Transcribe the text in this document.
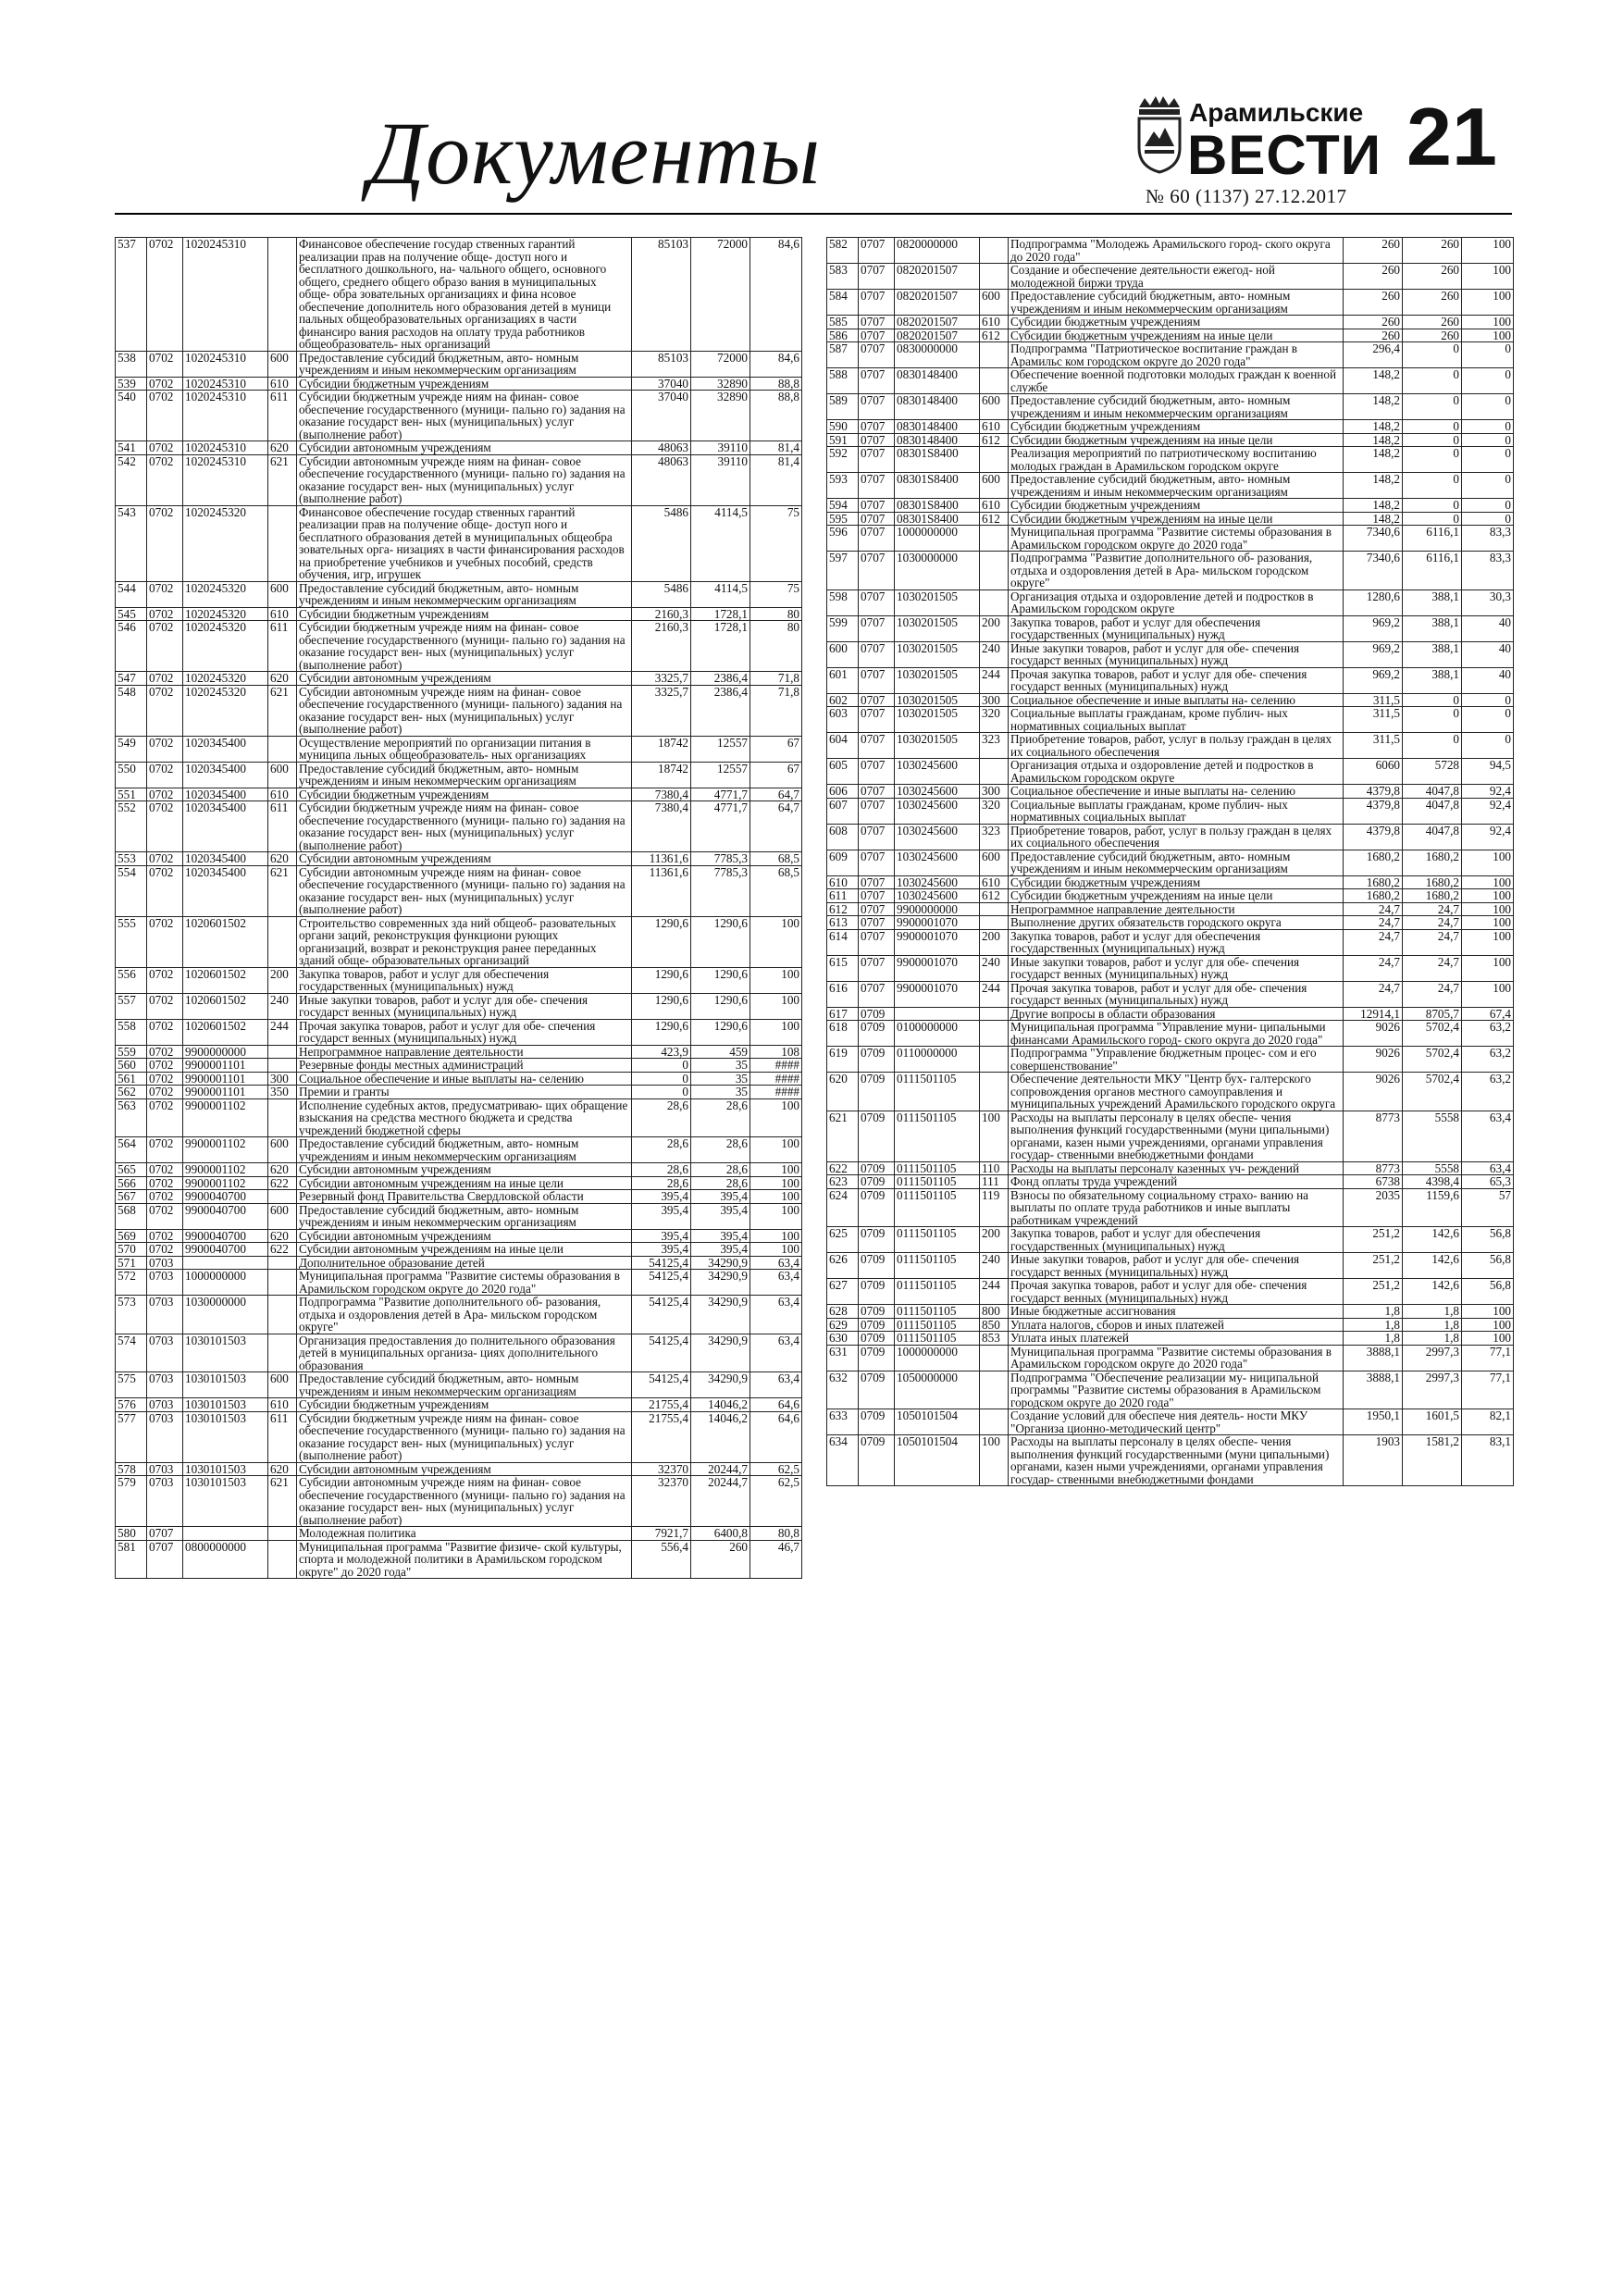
Документы	Арамильские
ВЕСТИ
№ 60 (1137) 27.12.2017
21
537	0702	1020245310		Финансовое обеспечение государ ственных гарантий реализации прав на получение обще- доступ ного и бесплатного дошкольного, на- чального общего, основного общего, среднего общего образо вания в муниципальных обще- обра зовательных организациях и фина нсовое обеспечение дополнитель ного образования детей в муници пальных общеобразовательных организациях в части финансиро вания расходов на оплату труда работников общеобразователь- ных организаций	85103	72000	84,6
538	0702	1020245310	600	Предоставление субсидий бюджетным, авто- номным учреждениям и иным некоммерческим организациям	85103	72000	84,6
539	0702	1020245310	610	Субсидии бюджетным учреждениям	37040	32890	88,8
540	0702	1020245310	611	Субсидии бюджетным учрежде ниям на финан- совое обеспечение государственного (муници- пально го) задания на оказание государст вен- ных (муниципальных) услуг (выполнение работ)	37040	32890	88,8
541	0702	1020245310	620	Субсидии автономным учреждениям	48063	39110	81,4
542	0702	1020245310	621	Субсидии автономным учрежде ниям на финан- совое обеспечение государственного (муници- пально го) задания на оказание государст вен- ных (муниципальных) услуг (выполнение работ)	48063	39110	81,4
543	0702	1020245320		Финансовое обеспечение государ ственных гарантий реализации прав на получение обще- доступ ного и бесплатного образования детей в муниципальных общеобра зовательных орга- низациях в части финансирования расходов на приобретение учебников и учебных пособий, средств обучения, игр, игрушек	5486	4114,5	75
544	0702	1020245320	600	Предоставление субсидий бюджетным, авто- номным учреждениям и иным некоммерческим организациям	5486	4114,5	75
545	0702	1020245320	610	Субсидии бюджетным учреждениям	2160,3	1728,1	80
546	0702	1020245320	611	Субсидии бюджетным учрежде ниям на финан- совое обеспечение государственного (муници- пально го) задания на оказание государст вен- ных (муниципальных) услуг (выполнение работ)	2160,3	1728,1	80
547	0702	1020245320	620	Субсидии автономным учреждениям	3325,7	2386,4	71,8
548	0702	1020245320	621	Субсидии автономным учрежде ниям на финан- совое обеспечение государственного (муници- пального) задания на оказание государст вен- ных (муниципальных) услуг (выполнение работ)	3325,7	2386,4	71,8
549	0702	1020345400		Осуществление мероприятий по организации питания в муниципа льных общеобразователь- ных организациях	18742	12557	67
550	0702	1020345400	600	Предоставление субсидий бюджетным, авто- номным учреждениям и иным некоммерческим организациям	18742	12557	67
551	0702	1020345400	610	Субсидии бюджетным учреждениям	7380,4	4771,7	64,7
552	0702	1020345400	611	Субсидии бюджетным учрежде ниям на финан- совое обеспечение государственного (муници- пально го) задания на оказание государст вен- ных (муниципальных) услуг (выполнение работ)	7380,4	4771,7	64,7
553	0702	1020345400	620	Субсидии автономным учреждениям	11361,6	7785,3	68,5
554	0702	1020345400	621	Субсидии автономным учрежде ниям на финан- совое обеспечение государственного (муници- пально го) задания на оказание государст вен- ных (муниципальных) услуг (выполнение работ)	11361,6	7785,3	68,5
555	0702	1020601502		Строительство современных зда ний общеоб- разовательных органи заций, реконструкция функциони рующих организаций, возврат и реконструкция ранее переданных зданий обще- образовательных организаций	1290,6	1290,6	100
556	0702	1020601502	200	Закупка товаров, работ и услуг для обеспечения государственных (муниципальных) нужд	1290,6	1290,6	100
557	0702	1020601502	240	Иные закупки товаров, работ и услуг для обе- спечения государст венных (муниципальных) нужд	1290,6	1290,6	100
558	0702	1020601502	244	Прочая закупка товаров, работ и услуг для обе- спечения государст венных (муниципальных) нужд	1290,6	1290,6	100
559	0702	9900000000		Непрограммное направление деятельности	423,9	459	108
560	0702	9900001101		Резервные фонды местных администраций	0	35	####
561	0702	9900001101	300	Социальное обеспечение и иные выплаты на- селению	0	35	####
562	0702	9900001101	350	Премии и гранты	0	35	####
563	0702	9900001102		Исполнение судебных актов, предусматриваю- щих обращение взыскания на средства местного бюджета и средства учреждений бюджетной сферы	28,6	28,6	100
564	0702	9900001102	600	Предоставление субсидий бюджетным, авто- номным учреждениям и иным некоммерческим организациям	28,6	28,6	100
565	0702	9900001102	620	Субсидии автономным учреждениям	28,6	28,6	100
566	0702	9900001102	622	Субсидии автономным учреждениям на иные цели	28,6	28,6	100
567	0702	9900040700		Резервный фонд Правительства Свердловской области	395,4	395,4	100
568	0702	9900040700	600	Предоставление субсидий бюджетным, авто- номным учреждениям и иным некоммерческим организациям	395,4	395,4	100
569	0702	9900040700	620	Субсидии автономным учреждениям	395,4	395,4	100
570	0702	9900040700	622	Субсидии автономным учреждениям на иные цели	395,4	395,4	100
571	0703			Дополнительное образование детей	54125,4	34290,9	63,4
572	0703	1000000000		Муниципальная программа "Развитие системы образования в Арамильском городском округе до 2020 года"	54125,4	34290,9	63,4
573	0703	1030000000		Подпрограмма "Развитие дополнительного об- разования, отдыха и оздоровления детей в Ара- мильском городском округе"	54125,4	34290,9	63,4
574	0703	1030101503		Организация предоставления до полнительного образования детей в муниципальных организа- циях дополнительного образования	54125,4	34290,9	63,4
575	0703	1030101503	600	Предоставление субсидий бюджетным, авто- номным учреждениям и иным некоммерческим организациям	54125,4	34290,9	63,4
576	0703	1030101503	610	Субсидии бюджетным учреждениям	21755,4	14046,2	64,6
577	0703	1030101503	611	Субсидии бюджетным учрежде ниям на финан- совое обеспечение государственного (муници- пально го) задания на оказание государст вен- ных (муниципальных) услуг (выполнение работ)	21755,4	14046,2	64,6
578	0703	1030101503	620	Субсидии автономным учреждениям	32370	20244,7	62,5
579	0703	1030101503	621	Субсидии автономным учрежде ниям на финан- совое обеспечение государственного (муници- пально го) задания на оказание государст вен- ных (муниципальных) услуг (выполнение работ)	32370	20244,7	62,5
580	0707			Молодежная политика	7921,7	6400,8	80,8
581	0707	0800000000		Муниципальная программа "Развитие физиче- ской культуры, спорта и молодежной политики в Арамильском городском округе" до 2020 года"	556,4	260	46,7
582	0707	0820000000		Подпрограмма "Молодежь Арамильского город- ского округа до 2020 года"	260	260	100
583	0707	0820201507		Создание и обеспечение деятельности ежегод- ной молодежной биржи труда	260	260	100
584	0707	0820201507	600	Предоставление субсидий бюджетным, авто- номным учреждениям и иным некоммерческим организациям	260	260	100
585	0707	0820201507	610	Субсидии бюджетным учреждениям	260	260	100
586	0707	0820201507	612	Субсидии бюджетным учреждениям на иные цели	260	260	100
587	0707	0830000000		Подпрограмма "Патриотическое воспитание граждан в Арамильс ком городском округе до 2020 года"	296,4	0	0
588	0707	0830148400		Обеспечение военной подготовки молодых граждан к военной службе	148,2	0	0
589	0707	0830148400	600	Предоставление субсидий бюджетным, авто- номным учреждениям и иным некоммерческим организациям	148,2	0	0
590	0707	0830148400	610	Субсидии бюджетным учреждениям	148,2	0	0
591	0707	0830148400	612	Субсидии бюджетным учреждениям на иные цели	148,2	0	0
592	0707	08301S8400		Реализация мероприятий по патриотическому воспитанию молодых граждан в Арамильском городском округе	148,2	0	0
593	0707	08301S8400	600	Предоставление субсидий бюджетным, авто- номным учреждениям и иным некоммерческим организациям	148,2	0	0
594	0707	08301S8400	610	Субсидии бюджетным учреждениям	148,2	0	0
595	0707	08301S8400	612	Субсидии бюджетным учреждениям на иные цели	148,2	0	0
596	0707	1000000000		Муниципальная программа "Развитие системы образования в Арамильском городском округе до 2020 года"	7340,6	6116,1	83,3
597	0707	1030000000		Подпрограмма "Развитие дополнительного об- разования, отдыха и оздоровления детей в Ара- мильском городском округе"	7340,6	6116,1	83,3
598	0707	1030201505		Организация отдыха и оздоровление детей и подростков в Арамильском городском округе	1280,6	388,1	30,3
599	0707	1030201505	200	Закупка товаров, работ и услуг для обеспечения государственных (муниципальных) нужд	969,2	388,1	40
600	0707	1030201505	240	Иные закупки товаров, работ и услуг для обе- спечения государст венных (муниципальных) нужд	969,2	388,1	40
601	0707	1030201505	244	Прочая закупка товаров, работ и услуг для обе- спечения государст венных (муниципальных) нужд	969,2	388,1	40
602	0707	1030201505	300	Социальное обеспечение и иные выплаты на- селению	311,5	0	0
603	0707	1030201505	320	Социальные выплаты гражданам, кроме публич- ных нормативных социальных выплат	311,5	0	0
604	0707	1030201505	323	Приобретение товаров, работ, услуг в пользу граждан в целях их социального обеспечения	311,5	0	0
605	0707	1030245600		Организация отдыха и оздоровление детей и подростков в Арамильском городском округе	6060	5728	94,5
606	0707	1030245600	300	Социальное обеспечение и иные выплаты на- селению	4379,8	4047,8	92,4
607	0707	1030245600	320	Социальные выплаты гражданам, кроме публич- ных нормативных социальных выплат	4379,8	4047,8	92,4
608	0707	1030245600	323	Приобретение товаров, работ, услуг в пользу граждан в целях их социального обеспечения	4379,8	4047,8	92,4
609	0707	1030245600	600	Предоставление субсидий бюджетным, авто- номным учреждениям и иным некоммерческим организациям	1680,2	1680,2	100
610	0707	1030245600	610	Субсидии бюджетным учреждениям	1680,2	1680,2	100
611	0707	1030245600	612	Субсидии бюджетным учреждениям на иные цели	1680,2	1680,2	100
612	0707	9900000000		Непрограммное направление деятельности	24,7	24,7	100
613	0707	9900001070		Выполнение других обязательств городского округа	24,7	24,7	100
614	0707	9900001070	200	Закупка товаров, работ и услуг для обеспечения государственных (муниципальных) нужд	24,7	24,7	100
615	0707	9900001070	240	Иные закупки товаров, работ и услуг для обе- спечения государст венных (муниципальных) нужд	24,7	24,7	100
616	0707	9900001070	244	Прочая закупка товаров, работ и услуг для обе- спечения государст венных (муниципальных) нужд	24,7	24,7	100
617	0709			Другие вопросы в области образования	12914,1	8705,7	67,4
618	0709	0100000000		Муниципальная программа "Управление муни- ципальными финансами Арамильского город- ского округа до 2020 года"	9026	5702,4	63,2
619	0709	0110000000		Подпрограмма "Управление бюджетным процес- сом и его совершенствование"	9026	5702,4	63,2
620	0709	0111501105		Обеспечение деятельности МКУ "Центр бух- галтерского сопровождения органов местного самоуправления и муниципальных учреждений Арамильского городского округа	9026	5702,4	63,2
621	0709	0111501105	100	Расходы на выплаты персоналу в целях обеспе- чения выполнения функций государственными (муни ципальными) органами, казен ными учреждениями, органами управления государ- ственными внебюджетными фондами	8773	5558	63,4
622	0709	0111501105	110	Расходы на выплаты персоналу казенных уч- реждений	8773	5558	63,4
623	0709	0111501105	111	Фонд оплаты труда учреждений	6738	4398,4	65,3
624	0709	0111501105	119	Взносы по обязательному социальному страхо- ванию на выплаты по оплате труда работников и иные выплаты работникам учреждений	2035	1159,6	57
625	0709	0111501105	200	Закупка товаров, работ и услуг для обеспечения государственных (муниципальных) нужд	251,2	142,6	56,8
626	0709	0111501105	240	Иные закупки товаров, работ и услуг для обе- спечения государст венных (муниципальных) нужд	251,2	142,6	56,8
627	0709	0111501105	244	Прочая закупка товаров, работ и услуг для обе- спечения государст венных (муниципальных) нужд	251,2	142,6	56,8
628	0709	0111501105	800	Иные бюджетные ассигнования	1,8	1,8	100
629	0709	0111501105	850	Уплата налогов, сборов и иных платежей	1,8	1,8	100
630	0709	0111501105	853	Уплата иных платежей	1,8	1,8	100
631	0709	1000000000		Муниципальная программа "Развитие системы образования в Арамильском городском округе до 2020 года"	3888,1	2997,3	77,1
632	0709	1050000000		Подпрограмма "Обеспечение реализации му- ниципальной программы "Развитие системы образования в Арамильском городском округе до 2020 года"	3888,1	2997,3	77,1
633	0709	1050101504		Создание условий для обеспече ния деятель- ности МКУ "Организа ционно-методический центр"	1950,1	1601,5	82,1
634	0709	1050101504	100	Расходы на выплаты персоналу в целях обеспе- чения выполнения функций государственными (муни ципальными) органами, казен ными учреждениями, органами управления государ- ственными внебюджетными фондами	1903	1581,2	83,1
